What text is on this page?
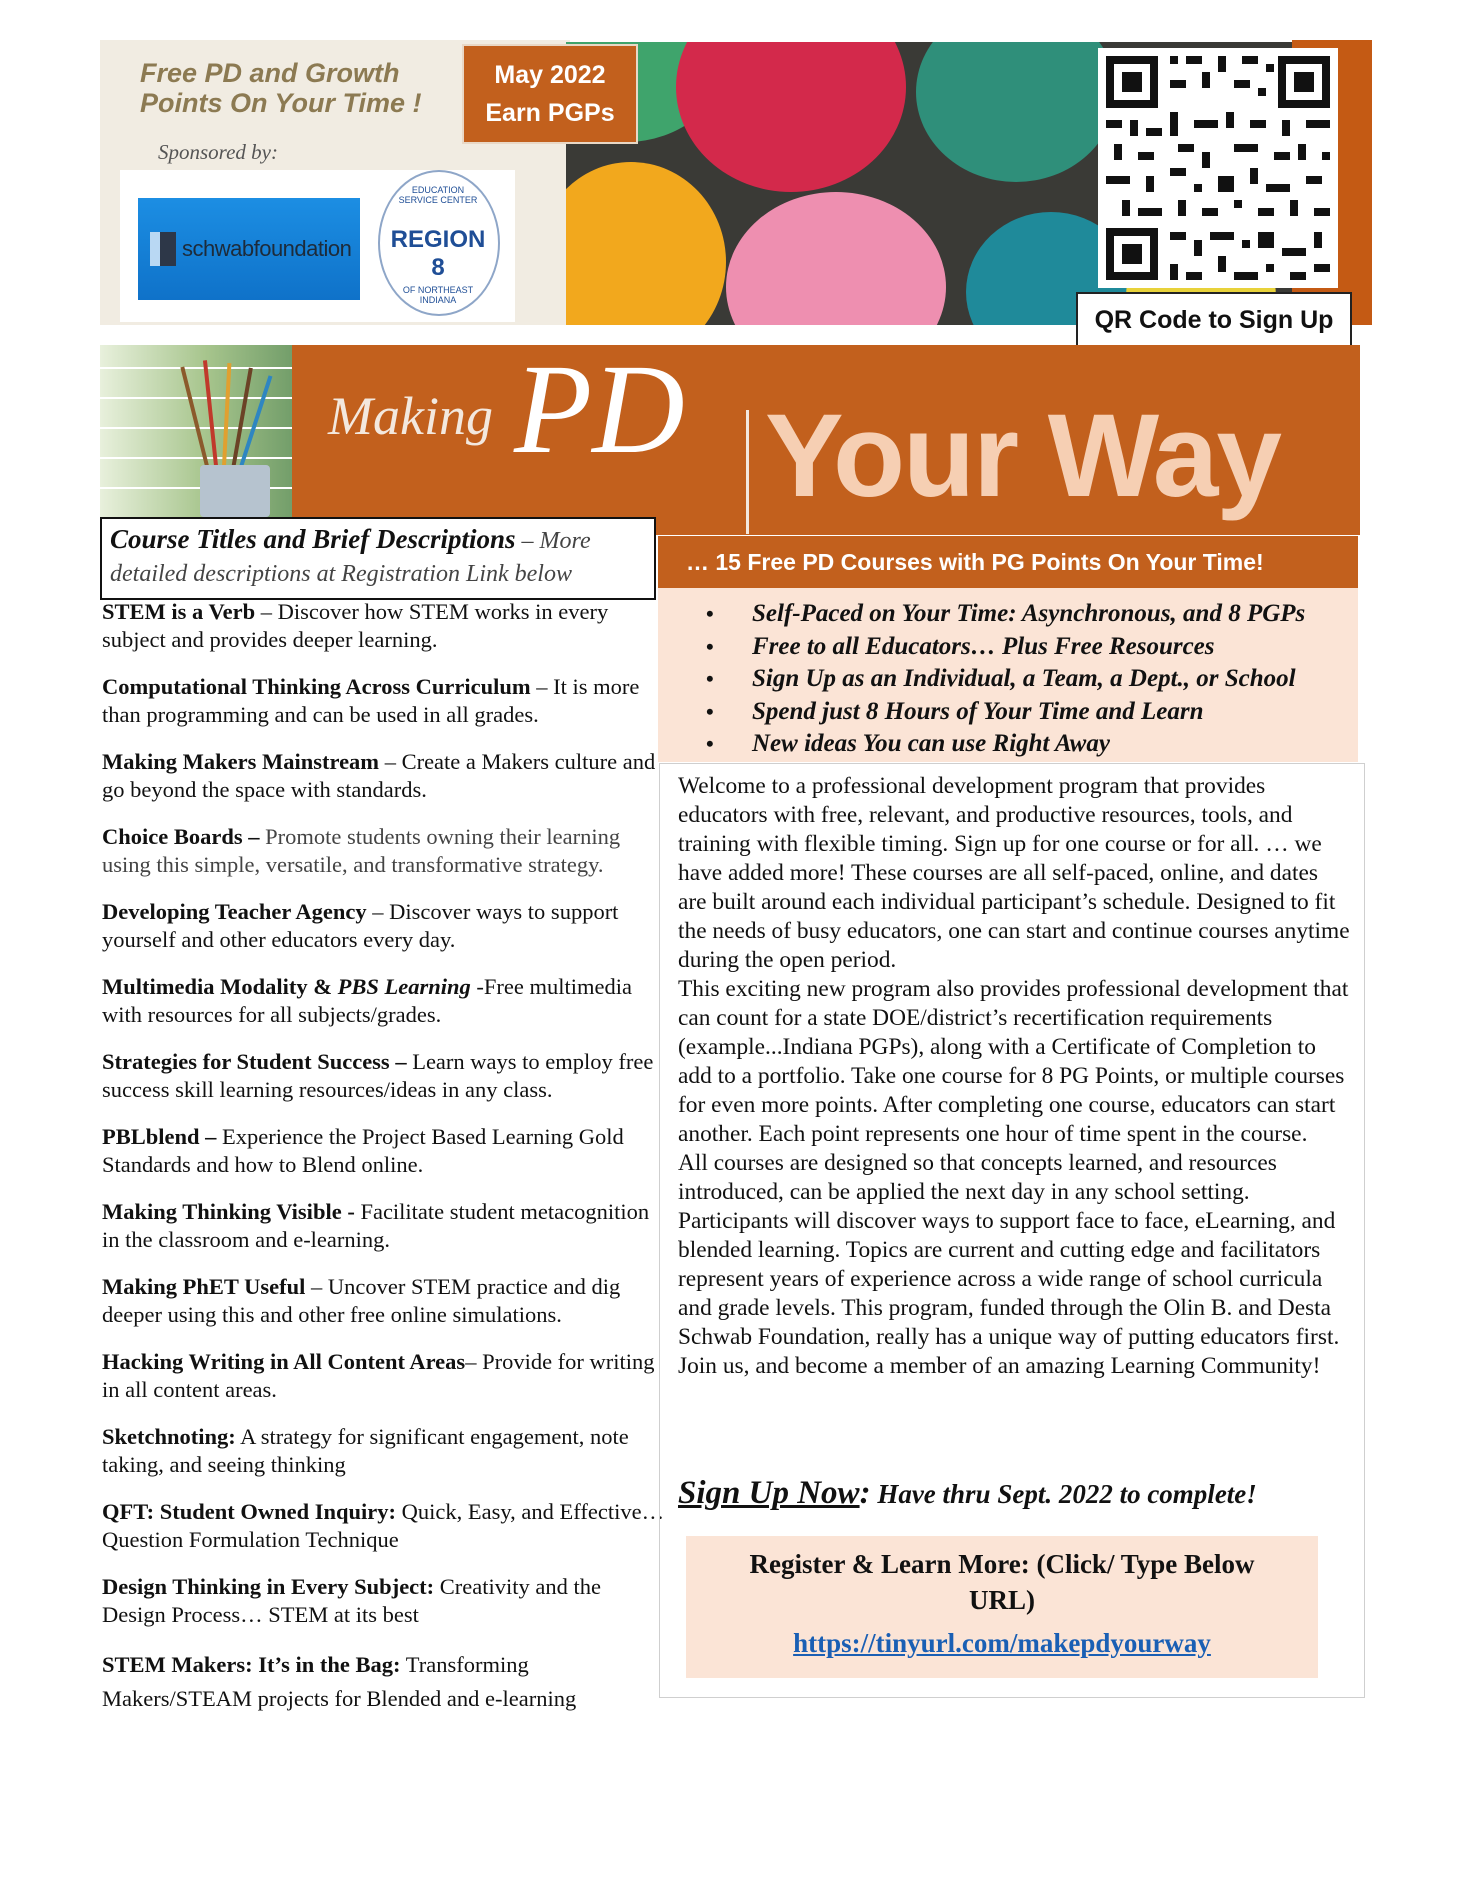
Free PD and Growth Points On Your Time !
Sponsored by:
schwabfoundation
EDUCATION SERVICE CENTER
REGION 8
OF NORTHEAST INDIANA
May 2022
Earn PGPs
QR Code to Sign Up
Making PD Your Way
… 15 Free PD Courses with PG Points On Your Time!
Course Titles and Brief Descriptions – More detailed descriptions at Registration Link below
STEM is a Verb – Discover how STEM works in every subject and provides deeper learning.
Computational Thinking Across Curriculum – It is more than programming and can be used in all grades.
Making Makers Mainstream – Create a Makers culture and go beyond the space with standards.
Choice Boards – Promote students owning their learning using this simple, versatile, and transformative strategy.
Developing Teacher Agency – Discover ways to support yourself and other educators every day.
Multimedia Modality & PBS Learning -Free multimedia with resources for all subjects/grades.
Strategies for Student Success – Learn ways to employ free success skill learning resources/ideas in any class.
PBLblend – Experience the Project Based Learning Gold Standards and how to Blend online.
Making Thinking Visible - Facilitate student metacognition in the classroom and e-learning.
Making PhET Useful – Uncover STEM practice and dig deeper using this and other free online simulations.
Hacking Writing in All Content Areas– Provide for writing in all content areas.
Sketchnoting: A strategy for significant engagement, note taking, and seeing thinking
QFT: Student Owned Inquiry: Quick, Easy, and Effective… Question Formulation Technique
Design Thinking in Every Subject: Creativity and the Design Process… STEM at its best
STEM Makers: It’s in the Bag: Transforming Makers/STEAM projects for Blended and e-learning
• Self-Paced on Your Time: Asynchronous, and 8 PGPs
• Free to all Educators… Plus Free Resources
• Sign Up as an Individual, a Team, a Dept., or School
• Spend just 8 Hours of Your Time and Learn
• New ideas You can use Right Away

Welcome to a professional development program that provides educators with free, relevant, and productive resources, tools, and training with flexible timing. Sign up for one course or for all. … we have added more! These courses are all self-paced, online, and dates are built around each individual participant’s schedule. Designed to fit the needs of busy educators, one can start and continue courses anytime during the open period.

This exciting new program also provides professional development that can count for a state DOE/district’s recertification requirements (example...Indiana PGPs), along with a Certificate of Completion to add to a portfolio. Take one course for 8 PG Points, or multiple courses for even more points. After completing one course, educators can start another. Each point represents one hour of time spent in the course.

All courses are designed so that concepts learned, and resources introduced, can be applied the next day in any school setting. Participants will discover ways to support face to face, eLearning, and blended learning. Topics are current and cutting edge and facilitators represent years of experience across a wide range of school curricula and grade levels. This program, funded through the Olin B. and Desta Schwab Foundation, really has a unique way of putting educators first. Join us, and become a member of an amazing Learning Community!

Sign Up Now: Have thru Sept. 2022 to complete!
Register & Learn More: (Click/ Type Below URL)
https://tinyurl.com/makepdyourway
